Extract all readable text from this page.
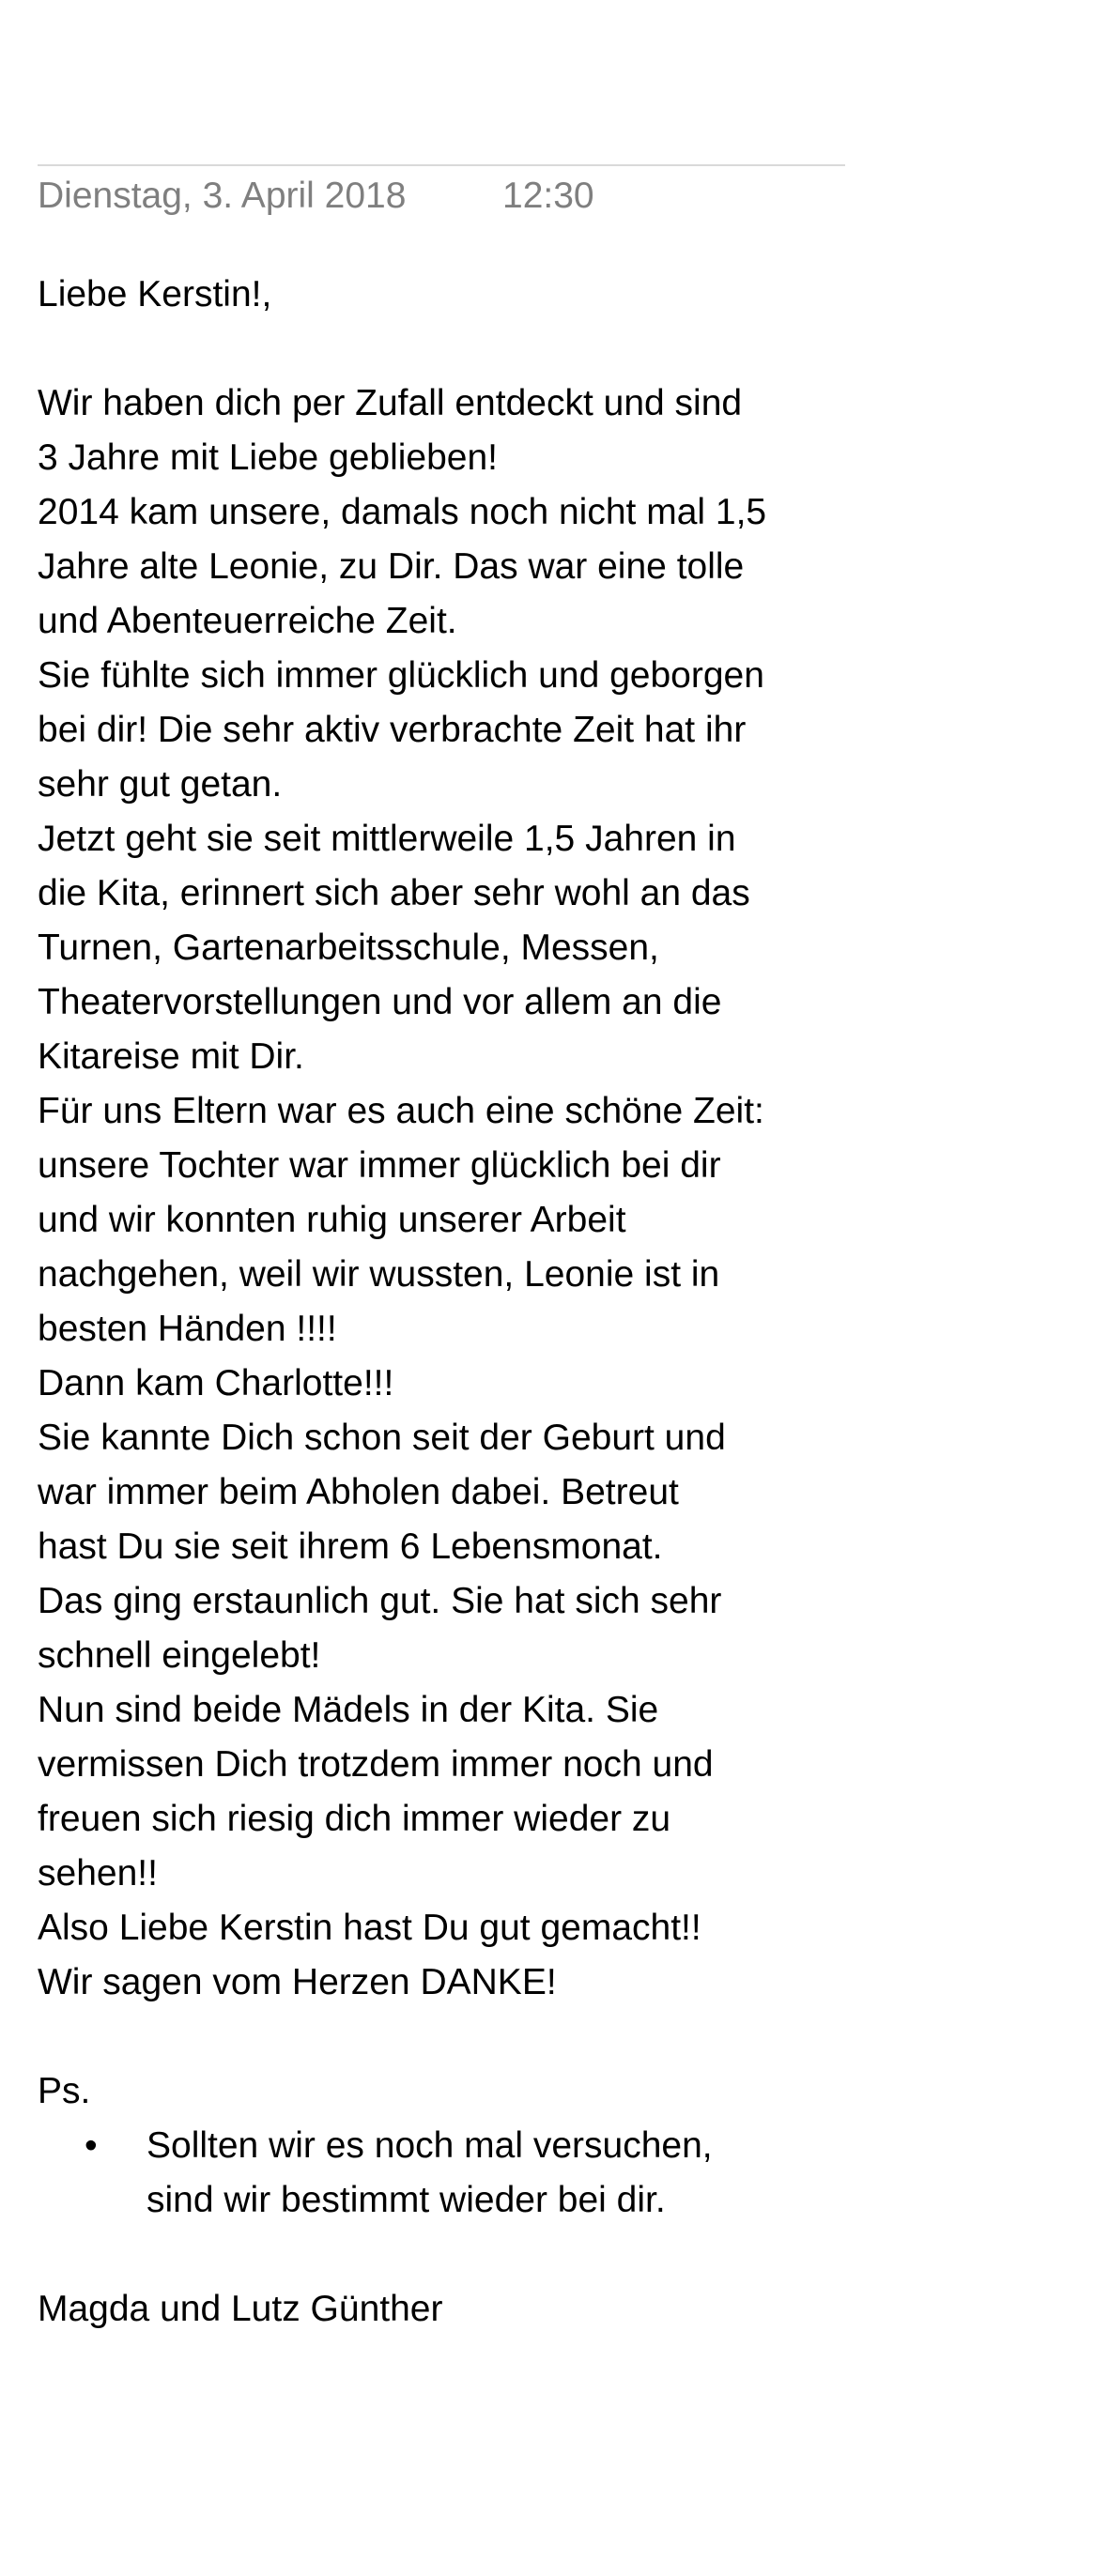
Dienstag, 3. April 2018	12:30
Liebe Kerstin!,
Wir haben dich per Zufall entdeckt und sind
3 Jahre mit Liebe geblieben!
2014 kam unsere, damals noch nicht mal 1,5
Jahre alte Leonie, zu Dir. Das war eine tolle
und Abenteuerreiche Zeit.
Sie fühlte sich immer glücklich und geborgen
bei dir! Die sehr aktiv verbrachte Zeit hat ihr
sehr gut getan.
Jetzt geht sie seit mittlerweile 1,5 Jahren in
die Kita, erinnert sich aber sehr wohl an das
Turnen, Gartenarbeitsschule, Messen,
Theatervorstellungen und vor allem an die
Kitareise mit Dir.
Für uns Eltern war es auch eine schöne Zeit:
unsere Tochter war immer glücklich bei dir
und wir konnten ruhig unserer Arbeit
nachgehen, weil wir wussten, Leonie ist in
besten Händen !!!!
Dann kam Charlotte!!!
Sie kannte Dich schon seit der Geburt und
war immer beim Abholen dabei. Betreut
hast Du sie seit ihrem 6 Lebensmonat.
Das ging erstaunlich gut. Sie hat sich sehr
schnell eingelebt!
Nun sind beide Mädels in der Kita. Sie
vermissen Dich trotzdem immer noch und
freuen sich riesig dich immer wieder zu
sehen!!
Also Liebe Kerstin hast Du gut gemacht!!
Wir sagen vom Herzen DANKE!
Ps.
• Sollten wir es noch mal versuchen,
sind wir bestimmt wieder bei dir.
Magda und Lutz Günther
